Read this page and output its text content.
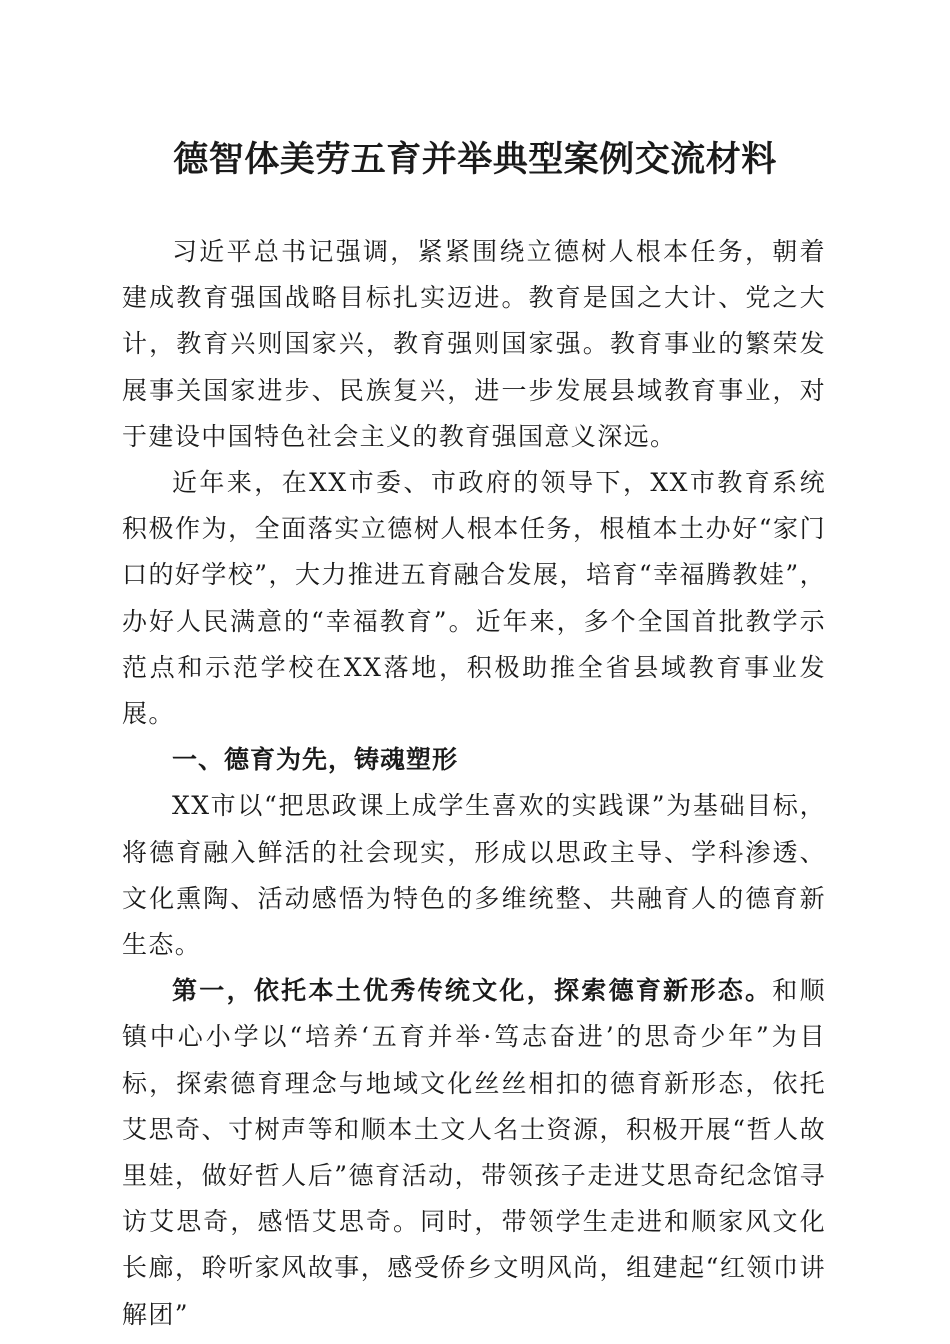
德智体美劳五育并举典型案例交流材料

习近平总书记强调，紧紧围绕立德树人根本任务，朝着建成教育强国战略目标扎实迈进。教育是国之大计、党之大计，教育兴则国家兴，教育强则国家强。教育事业的繁荣发展事关国家进步、民族复兴，进一步发展县域教育事业，对于建设中国特色社会主义的教育强国意义深远。

近年来，在XX市委、市政府的领导下，XX市教育系统积极作为，全面落实立德树人根本任务，根植本土办好“家门口的好学校”，大力推进五育融合发展，培育“幸福腾教娃”，办好人民满意的“幸福教育”。近年来，多个全国首批教学示范点和示范学校在XX落地，积极助推全省县域教育事业发展。

一、德育为先，铸魂塑形

XX市以“把思政课上成学生喜欢的实践课”为基础目标，将德育融入鲜活的社会现实，形成以思政主导、学科渗透、文化熏陶、活动感悟为特色的多维统整、共融育人的德育新生态。

第一，依托本土优秀传统文化，探索德育新形态。和顺镇中心小学以“培养‘五育并举·笃志奋进’的思奇少年”为目标，探索德育理念与地域文化丝丝相扣的德育新形态，依托艾思奇、寸树声等和顺本土文人名士资源，积极开展“哲人故里娃，做好哲人后”德育活动，带领孩子走进艾思奇纪念馆寻访艾思奇，感悟艾思奇。同时，带领学生走进和顺家风文化长廊，聆听家风故事，感受侨乡文明风尚，组建起“红领巾讲解团”
